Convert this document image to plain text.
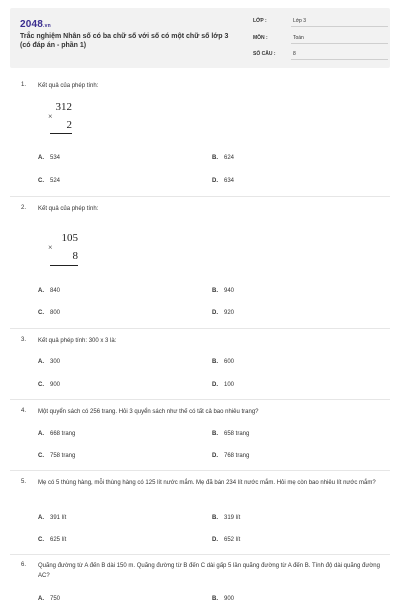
2048.vn
Trắc nghiệm Nhân số có ba chữ số với số có một chữ số lớp 3 (có đáp án - phần 1)
LỚP :	Lớp 3
MÔN :	Toán
SỐ CÂU :	8
1. Kết quả của phép tính:
312
×
2
A. 534	B. 624
C. 524	D. 634
2. Kết quả của phép tính:
105
×
8
A. 840	B. 940
C. 800	D. 920
3. Kết quả phép tính: 300 x 3 là:
A. 300	B. 600
C. 900	D. 100
4. Một quyển sách có 256 trang. Hỏi 3 quyển sách như thế có tất cả bao nhiêu trang?
A. 668 trang	B. 658 trang
C. 758 trang	D. 768 trang
5. Mẹ có 5 thùng hàng, mỗi thùng hàng có 125 lít nước mắm. Mẹ đã bán 234 lít nước mắm. Hỏi mẹ còn bao nhiêu lít nước mắm?
A. 391 lít	B. 319 lít
C. 625 lít	D. 652 lít
6. Quãng đường từ A đến B dài 150 m. Quãng đường từ B đến C dài gấp 5 lần quãng đường từ A đến B. Tính độ dài quãng đường AC?
A. 750	B. 900
